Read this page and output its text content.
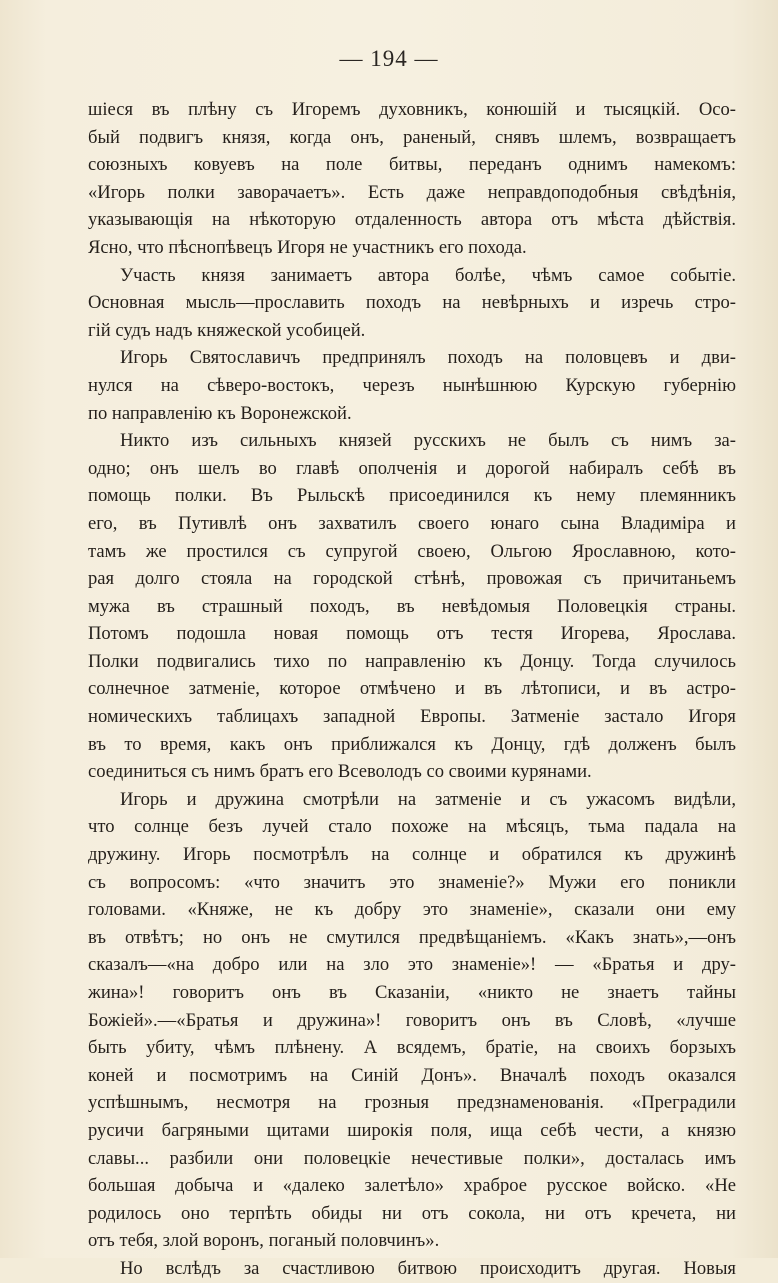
— 194 —
шіеся въ плѣну съ Игоремъ духовникъ, конюшій и тысяцкій. Осо-
бый подвигъ князя, когда онъ, раненый, снявъ шлемъ, возвращаетъ
союзныхъ ковуевъ на поле битвы, переданъ однимъ намекомъ:
«Игорь полки заворачаетъ». Есть даже неправдоподобныя свѣдѣнія,
указывающія на нѣкоторую отдаленность автора отъ мѣста дѣйствія.
Ясно, что пѣснопѣвецъ Игоря не участникъ его похода.
Участь князя занимаетъ автора болѣе, чѣмъ самое событіе.
Основная мысль—прославить походъ на невѣрныхъ и изречь стро-
гій судъ надъ княжеской усобицей.
Игорь Святославичъ предпринялъ походъ на половцевъ и дви-
нулся на сѣверо-востокъ, черезъ нынѣшнюю Курскую губернію
по направленію къ Воронежской.
Никто изъ сильныхъ князей русскихъ не былъ съ нимъ за-
одно; онъ шелъ во главѣ ополченія и дорогой набиралъ себѣ въ
помощь полки. Въ Рыльскѣ присоединился къ нему племянникъ
его, въ Путивлѣ онъ захватилъ своего юнаго сына Владиміра и
тамъ же простился съ супругой своею, Ольгою Ярославною, кото-
рая долго стояла на городской стѣнѣ, провожая съ причитаньемъ
мужа въ страшный походъ, въ невѣдомыя Половецкія страны.
Потомъ подошла новая помощь отъ тестя Игорева, Ярослава.
Полки подвигались тихо по направленію къ Донцу. Тогда случилось
солнечное затменіе, которое отмѣчено и въ лѣтописи, и въ астро-
номическихъ таблицахъ западной Европы. Затменіе застало Игоря
въ то время, какъ онъ приближался къ Донцу, гдѣ долженъ былъ
соединиться съ нимъ братъ его Всеволодъ со своими курянами.
Игорь и дружина смотрѣли на затменіе и съ ужасомъ видѣли,
что солнце безъ лучей стало похоже на мѣсяцъ, тьма падала на
дружину. Игорь посмотрѣлъ на солнце и обратился къ дружинѣ
съ вопросомъ: «что значитъ это знаменіе?» Мужи его поникли
головами. «Княже, не къ добру это знаменіе», сказали они ему
въ отвѣтъ; но онъ не смутился предвѣщаніемъ. «Какъ знать»,—онъ
сказалъ—«на добро или на зло это знаменіе»! — «Братья и дру-
жина»! говоритъ онъ въ Сказаніи, «никто не знаетъ тайны
Божіей».—«Братья и дружина»! говоритъ онъ въ Словѣ, «лучше
быть убиту, чѣмъ плѣнену. А всядемъ, братіе, на своихъ борзыхъ
коней и посмотримъ на Синій Донъ». Вначалѣ походъ оказался
успѣшнымъ, несмотря на грозныя предзнаменованія. «Преградили
русичи багряными щитами широкія поля, ища себѣ чести, а князю
славы... разбили они половецкіе нечестивые полки», досталась имъ
большая добыча и «далеко залетѣло» храброе русское войско. «Не
родилось оно терпѣть обиды ни отъ сокола, ни отъ кречета, ни
отъ тебя, злой воронъ, поганый половчинъ».
Но вслѣдъ за счастливою битвою происходитъ другая. Новыя
